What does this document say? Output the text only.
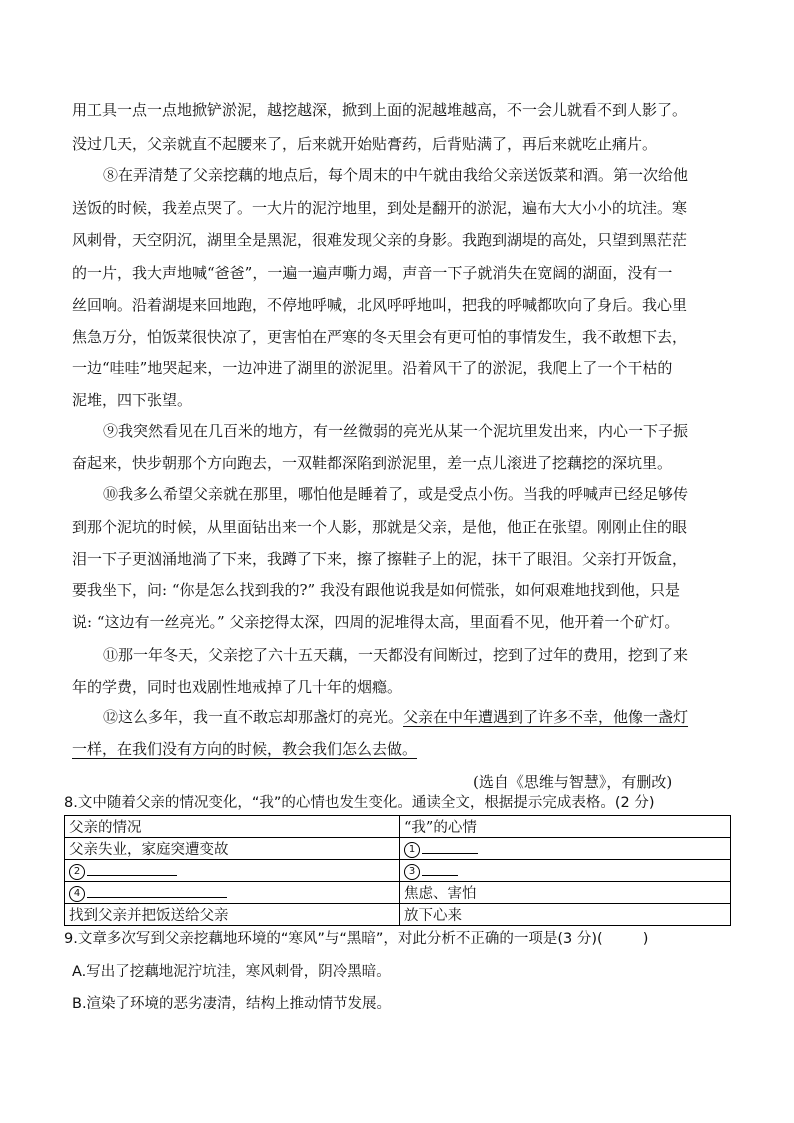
用工具一点一点地掀铲淤泥，越挖越深，掀到上面的泥越堆越高，不一会儿就看不到人影了。
没过几天，父亲就直不起腰来了，后来就开始贴膏药，后背贴满了，再后来就吃止痛片。
⑧在弄清楚了父亲挖藕的地点后，每个周末的中午就由我给父亲送饭菜和酒。第一次给他
送饭的时候，我差点哭了。一大片的泥泞地里，到处是翻开的淤泥，遍布大大小小的坑洼。寒
风刺骨，天空阴沉，湖里全是黑泥，很难发现父亲的身影。我跑到湖堤的高处，只望到黑茫茫
的一片，我大声地喊“爸爸”，一遍一遍声嘶力竭，声音一下子就消失在宽阔的湖面，没有一
丝回响。沿着湖堤来回地跑，不停地呼喊，北风呼呼地叫，把我的呼喊都吹向了身后。我心里
焦急万分，怕饭菜很快凉了，更害怕在严寒的冬天里会有更可怕的事情发生，我不敢想下去，
一边“哇哇”地哭起来，一边冲进了湖里的淤泥里。沿着风干了的淤泥，我爬上了一个干枯的
泥堆，四下张望。
⑨我突然看见在几百米的地方，有一丝微弱的亮光从某一个泥坑里发出来，内心一下子振
奋起来，快步朝那个方向跑去，一双鞋都深陷到淤泥里，差一点儿滚进了挖藕挖的深坑里。
⑩我多么希望父亲就在那里，哪怕他是睡着了，或是受点小伤。当我的呼喊声已经足够传
到那个泥坑的时候，从里面钻出来一个人影，那就是父亲，是他，他正在张望。刚刚止住的眼
泪一下子更汹涌地淌了下来，我蹲了下来，擦了擦鞋子上的泥，抹干了眼泪。父亲打开饭盒，
要我坐下，问: “你是怎么找到我的?” 我没有跟他说我是如何慌张，如何艰难地找到他，只是
说: “这边有一丝亮光。” 父亲挖得太深，四周的泥堆得太高，里面看不见，他开着一个矿灯。
⑪那一年冬天，父亲挖了六十五天藕，一天都没有间断过，挖到了过年的费用，挖到了来
年的学费，同时也戏剧性地戒掉了几十年的烟瘾。
⑫这么多年，我一直不敢忘却那盏灯的亮光。父亲在中年遭遇到了许多不幸，他像一盏灯
一样，在我们没有方向的时候，教会我们怎么去做。
(选自《思维与智慧》，有删改)
8.文中随着父亲的情况变化，“我”的心情也发生变化。通读全文，根据提示完成表格。(2 分)
父亲的情况	“我”的心情
父亲失业，家庭突遭变故	1
2	3
4	焦虑、害怕
找到父亲并把饭送给父亲	放下心来
9.文章多次写到父亲挖藕地环境的“寒风”与“黑暗”，对此分析不正确的一项是(3 分)(	)
A.写出了挖藕地泥泞坑洼，寒风刺骨，阴冷黑暗。
B.渲染了环境的恶劣凄清，结构上推动情节发展。
